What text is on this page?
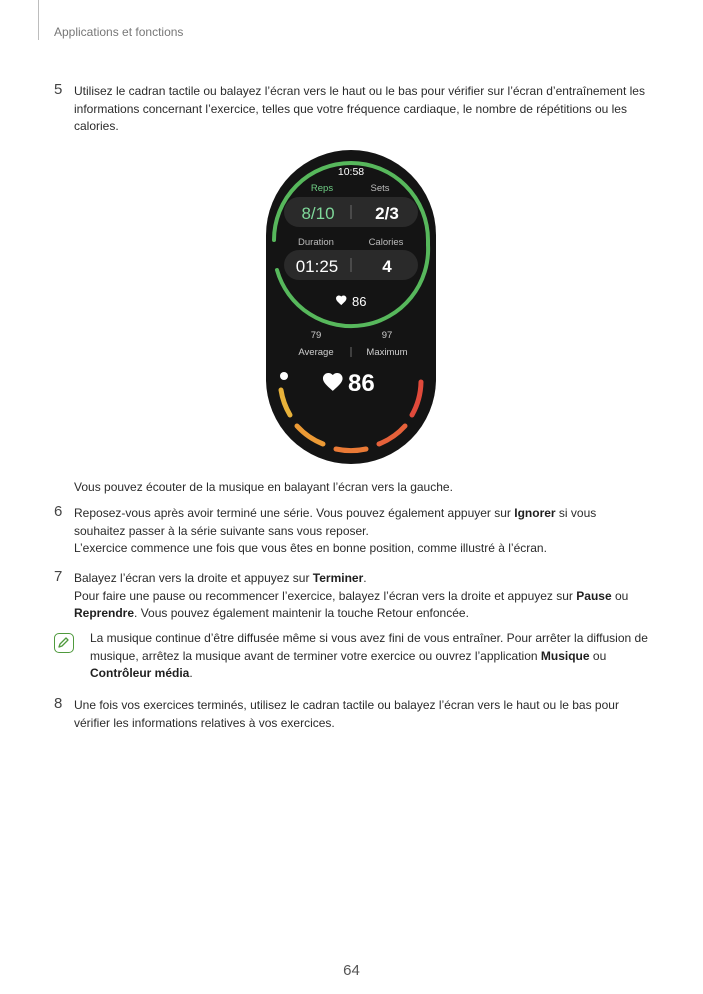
Applications et fonctions
5 Utilisez le cadran tactile ou balayez l’écran vers le haut ou le bas pour vérifier sur l’écran d’entraînement les informations concernant l’exercice, telles que votre fréquence cardiaque, le nombre de répétitions ou les calories.

10:58
Reps	Sets
8/10 2/3
Duration	Calories
01:25	4
86
79	97
Average	Maximum
86

Vous pouvez écouter de la musique en balayant l’écran vers la gauche.

6 Reposez-vous après avoir terminé une série. Vous pouvez également appuyer sur Ignorer si vous souhaitez passer à la série suivante sans vous reposer.

L’exercice commence une fois que vous êtes en bonne position, comme illustré à l’écran.

7 Balayez l’écran vers la droite et appuyez sur Terminer.

Pour faire une pause ou recommencer l’exercice, balayez l’écran vers la droite et appuyez sur Pause ou Reprendre. Vous pouvez également maintenir la touche Retour enfoncée.

La musique continue d’être diffusée même si vous avez fini de vous entraîner. Pour arrêter la diffusion de musique, arrêtez la musique avant de terminer votre exercice ou ouvrez l’application Musique ou Contrôleur média.

8 Une fois vos exercices terminés, utilisez le cadran tactile ou balayez l’écran vers le haut ou le bas pour vérifier les informations relatives à vos exercices.

64
